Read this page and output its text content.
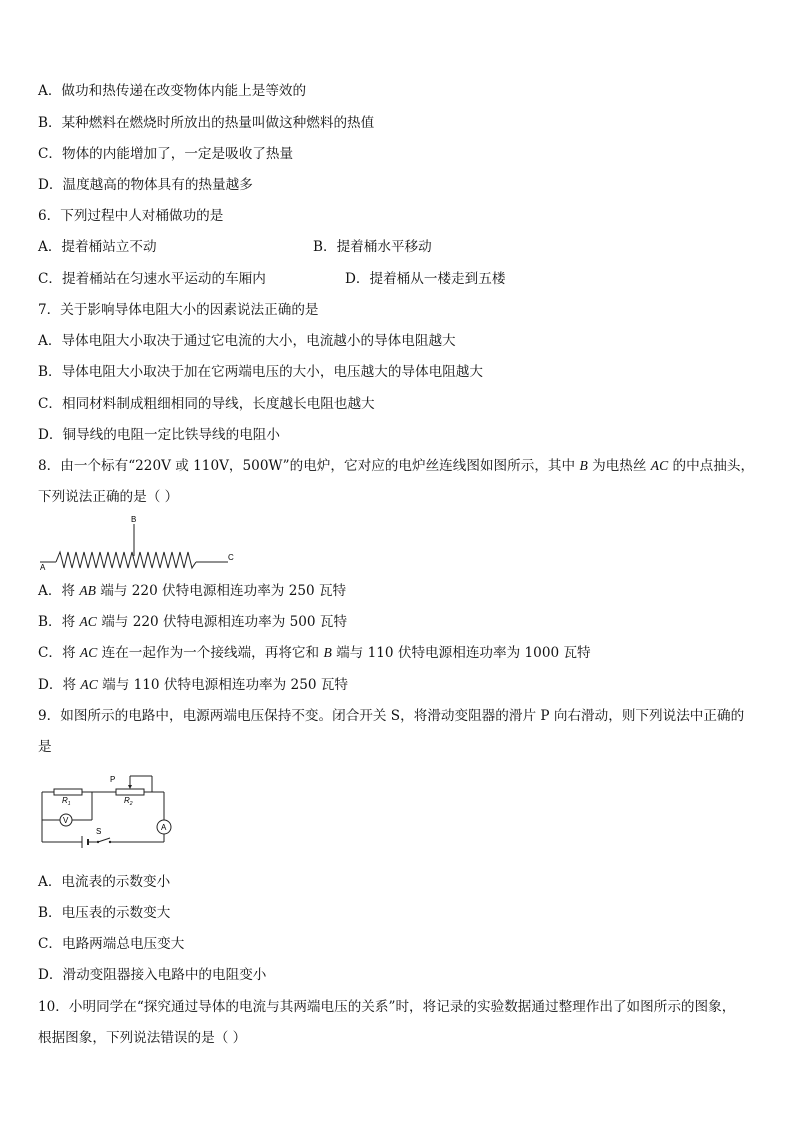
A．做功和热传递在改变物体内能上是等效的
B．某种燃料在燃烧时所放出的热量叫做这种燃料的热值
C．物体的内能增加了，一定是吸收了热量
D．温度越高的物体具有的热量越多
6．下列过程中人对桶做功的是
A．提着桶站立不动	B．提着桶水平移动
C．提着桶站在匀速水平运动的车厢内	D．提着桶从一楼走到五楼
7．关于影响导体电阻大小的因素说法正确的是
A．导体电阻大小取决于通过它电流的大小，电流越小的导体电阻越大
B．导体电阻大小取决于加在它两端电压的大小，电压越大的导体电阻越大
C．相同材料制成粗细相同的导线，长度越长电阻也越大
D．铜导线的电阻一定比铁导线的电阻小
8．由一个标有“220V 或 110V，500W”的电炉，它对应的电炉丝连线图如图所示，其中 B 为电热丝 AC 的中点抽头，
下列说法正确的是（ ）
A
B
C
A．将 AB 端与 220 伏特电源相连功率为 250 瓦特
B．将 AC 端与 220 伏特电源相连功率为 500 瓦特
C．将 AC 连在一起作为一个接线端，再将它和 B 端与 110 伏特电源相连功率为 1000 瓦特
D．将 AC 端与 110 伏特电源相连功率为 250 瓦特
9．如图所示的电路中，电源两端电压保持不变。闭合开关 S，将滑动变阻器的滑片 P 向右滑动，则下列说法中正确的
是
V
A
P
$R_1$	$R_2$
S
A．电流表的示数变小
B．电压表的示数变大
C．电路两端总电压变大
D．滑动变阻器接入电路中的电阻变小
10．小明同学在“探究通过导体的电流与其两端电压的关系”时，将记录的实验数据通过整理作出了如图所示的图象，
根据图象，下列说法错误的是（ ）
